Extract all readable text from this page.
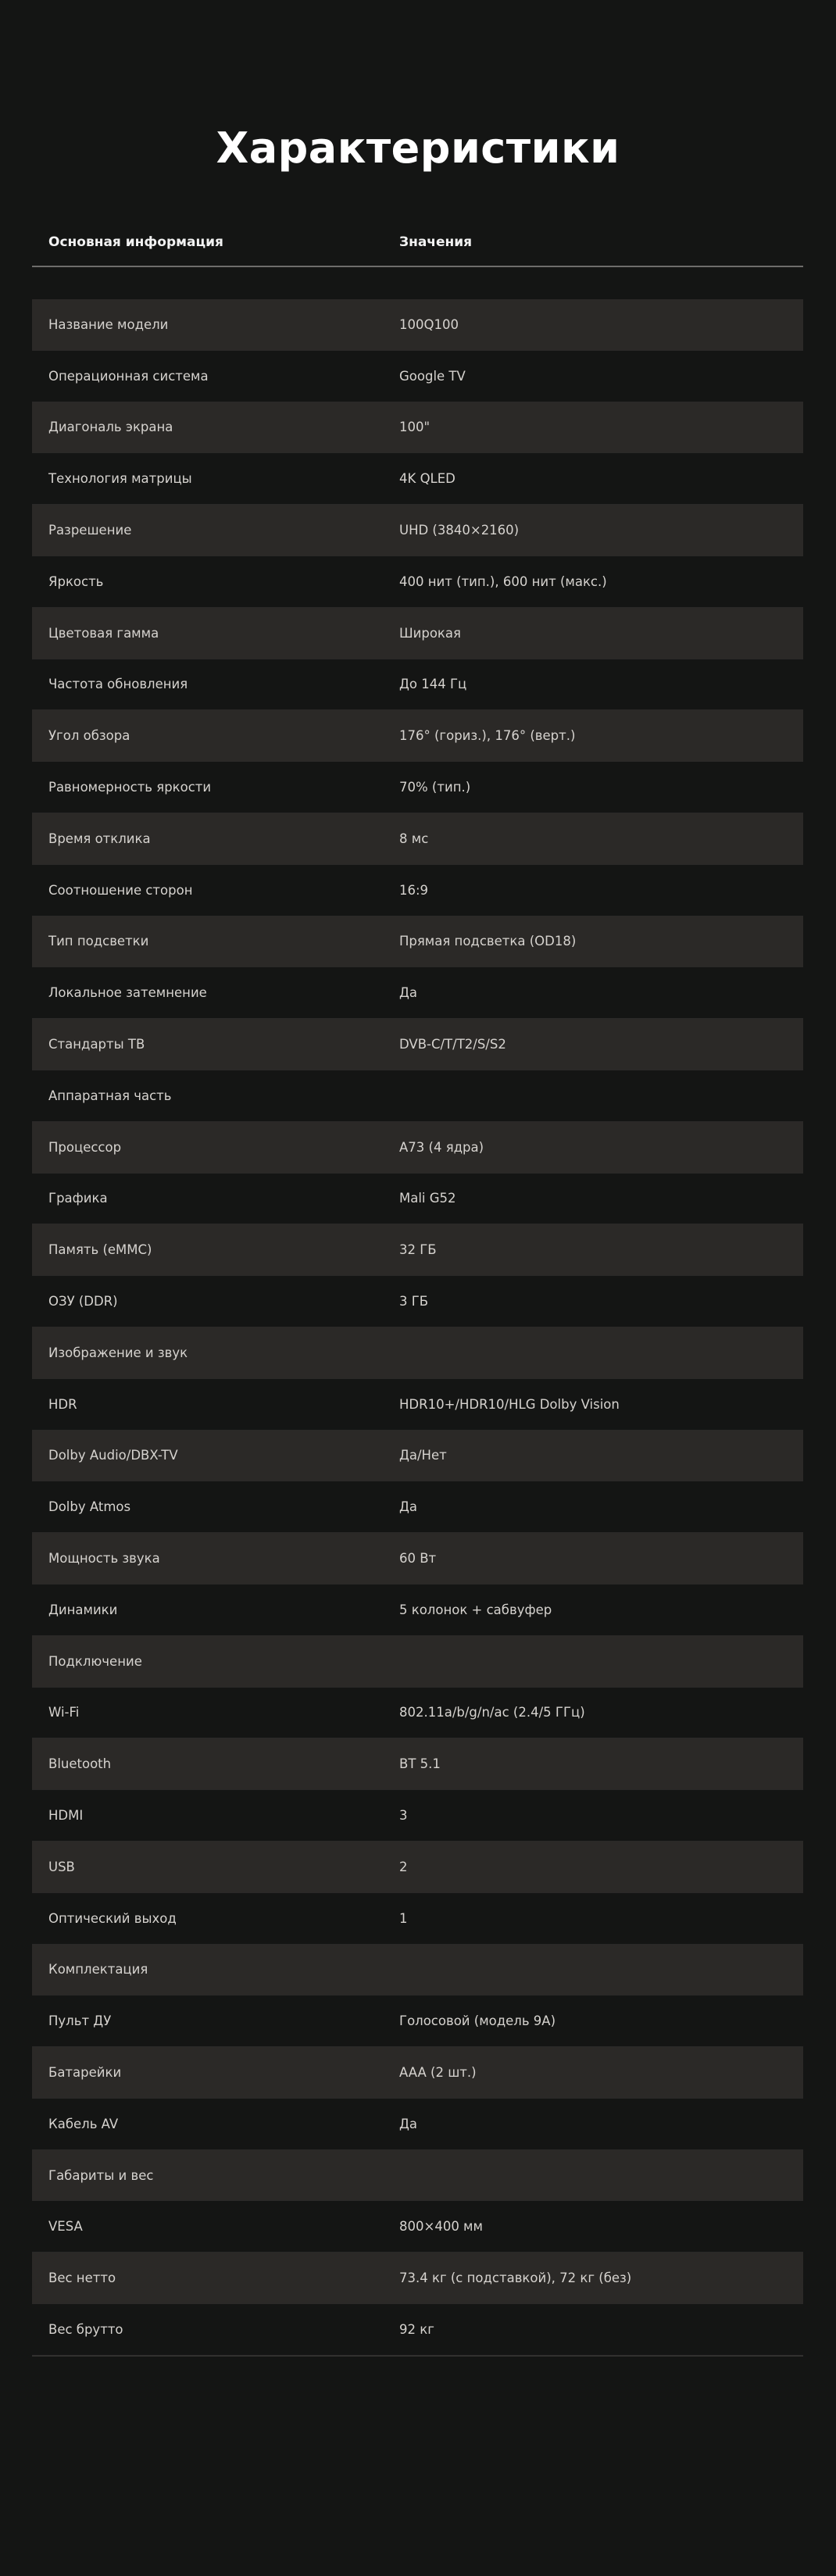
Характеристики
Основная информация	Значения
Название модели	100Q100
Операционная система	Google TV
Диагональ экрана	100"
Технология матрицы	4K QLED
Разрешение	UHD (3840×2160)
Яркость	400 нит (тип.), 600 нит (макс.)
Цветовая гамма	Широкая
Частота обновления	До 144 Гц
Угол обзора	176° (гориз.), 176° (верт.)
Равномерность яркости	70% (тип.)
Время отклика	8 мс
Соотношение сторон	16:9
Тип подсветки	Прямая подсветка (OD18)
Локальное затемнение	Да
Стандарты ТВ	DVB-C/T/T2/S/S2
Аппаратная часть
Процессор	A73 (4 ядра)
Графика	Mali G52
Память (eMMC)	32 ГБ
ОЗУ (DDR)	3 ГБ
Изображение и звук
HDR	HDR10+/HDR10/HLG Dolby Vision
Dolby Audio/DBX-TV	Да/Нет
Dolby Atmos	Да
Мощность звука	60 Вт
Динамики	5 колонок + сабвуфер
Подключение
Wi-Fi	802.11a/b/g/n/ac (2.4/5 ГГц)
Bluetooth	BT 5.1
HDMI	3
USB	2
Оптический выход	1
Комплектация
Пульт ДУ	Голосовой (модель 9A)
Батарейки	AAA (2 шт.)
Кабель AV	Да
Габариты и вес
VESA	800×400 мм
Вес нетто	73.4 кг (с подставкой), 72 кг (без)
Вес брутто	92 кг
